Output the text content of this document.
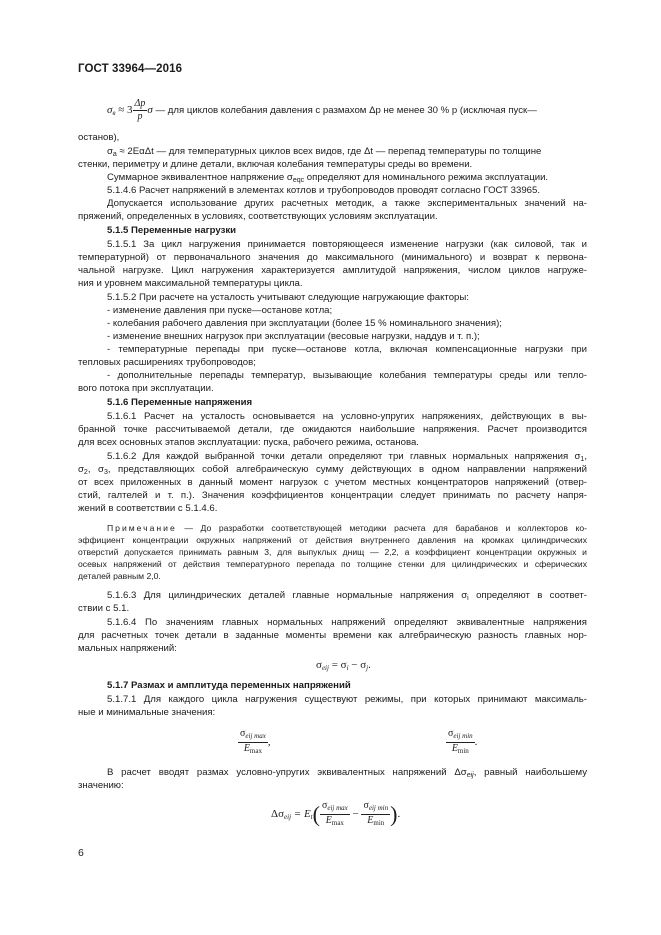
ГОСТ 33964—2016
$\sigma_в \approx 3 \frac{\Delta p}{p}$ σ — для циклов колебания давления с размахом Δp не менее 30 % p (исключая пуск—
останов),
$\sigma_a \approx 2E\alpha\Delta t$ — для температурных циклов всех видов, где Δt — перепад температуры по толщине
стенки, периметру и длине детали, включая колебания температуры среды во времени.
Суммарное эквивалентное напряжение $\sigma_{eqc}$ определяют для номинального режима эксплуатации.
5.1.4.6 Расчет напряжений в элементах котлов и трубопроводов проводят согласно ГОСТ 33965.
Допускается использование других расчетных методик, а также экспериментальных значений на-
пряжений, определенных в условиях, соответствующих условиям эксплуатации.
5.1.5 Переменные нагрузки
5.1.5.1 За цикл нагружения принимается повторяющееся изменение нагрузки (как силовой, так и
температурной) от первоначального значения до максимального (минимального) и возврат к первона-
чальной нагрузке. Цикл нагружения характеризуется амплитудой напряжения, числом циклов нагруже-
ния и уровнем максимальной температуры цикла.
5.1.5.2 При расчете на усталость учитывают следующие нагружающие факторы:
- изменение давления при пуске—останове котла;
- колебания рабочего давления при эксплуатации (более 15 % номинального значения);
- изменение внешних нагрузок при эксплуатации (весовые нагрузки, наддув и т. п.);
- температурные перепады при пуске—останове котла, включая компенсационные нагрузки при
тепловых расширениях трубопроводов;
- дополнительные перепады температур, вызывающие колебания температуры среды или тепло-
вого потока при эксплуатации.
5.1.6 Переменные напряжения
5.1.6.1 Расчет на усталость основывается на условно-упругих напряжениях, действующих в вы-
бранной точке рассчитываемой детали, где ожидаются наибольшие напряжения. Расчет производится
для всех основных этапов эксплуатации: пуска, рабочего режима, останова.
5.1.6.2 Для каждой выбранной точки детали определяют три главных нормальных напряжения $\sigma_1$,
$\sigma_2$, $\sigma_3$, представляющих собой алгебраическую сумму действующих в одном направлении напряжений
от всех приложенных в данный момент нагрузок с учетом местных концентраторов напряжений (отвер-
стий, галтелей и т. п.). Значения коэффициентов концентрации следует принимать по расчету напря-
жений в соответствии с 5.1.4.6.
Примечание — До разработки соответствующей методики расчета для барабанов и коллекторов ко-
эффициент концентрации окружных напряжений от действия внутреннего давления на кромках цилиндрических
отверстий допускается принимать равным 3, для выпуклых днищ — 2,2, а коэффициент концентрации окружных и
осевых напряжений от действия температурного перепада по толщине стенки для цилиндрических и сферических
деталей равным 2,0.
5.1.6.3 Для цилиндрических деталей главные нормальные напряжения $\sigma_i$ определяют в соответ-
ствии с 5.1.
5.1.6.4 По значениям главных нормальных напряжений определяют эквивалентные напряжения
для расчетных точек детали в заданные моменты времени как алгебраическую разность главных нор-
мальных напряжений:
$\sigma_{eij} = \sigma_i - \sigma_j$.
5.1.7 Размах и амплитуда переменных напряжений
5.1.7.1 Для каждого цикла нагружения существуют режимы, при которых принимают максималь-
ные и минимальные значения:
$\frac{\sigma_{eij max}}{E_{max}}$ ,	$\frac{\sigma_{eij min}}{E_{min}}$ .
В расчет вводят размах условно-упругих эквивалентных напряжений $\Delta\sigma_{eij}$, равный наибольшему
значению:
$\Delta\sigma_{eij} = E_t( \frac{\sigma_{eij max}}{E_{max}} - \frac{\sigma_{eij min}}{E_{min}}$ ).
6
